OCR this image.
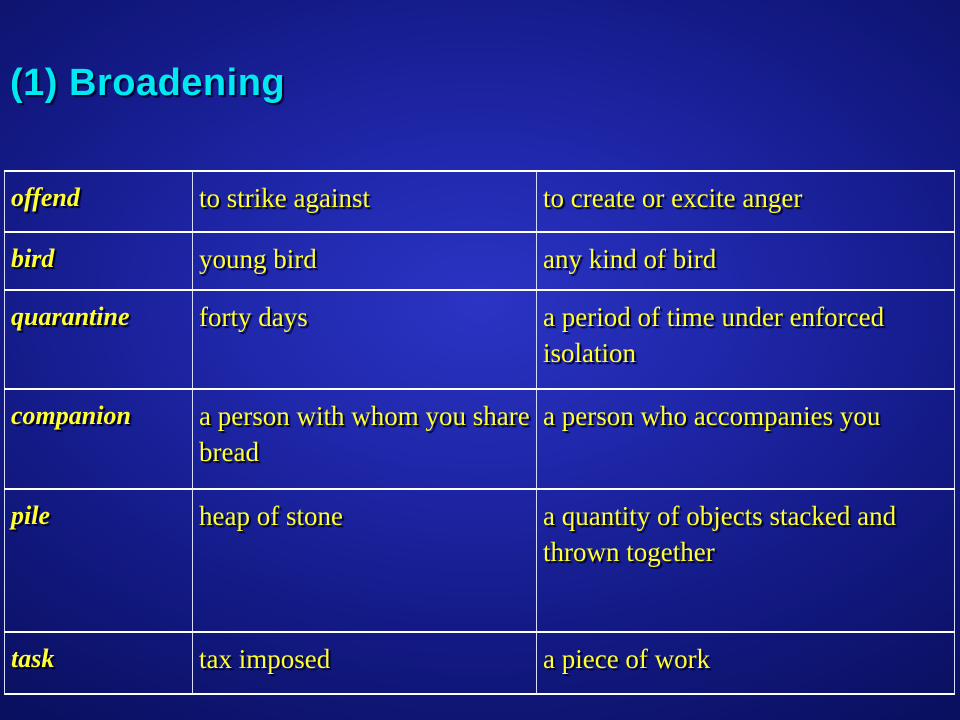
(1) Broadening
offend	to strike against	to create or excite anger
bird	young bird	any kind of bird
quarantine	forty days	a period of time under enforced isolation
companion	a person with whom you share bread	a person who accompanies you
pile	heap of stone	a quantity of objects stacked and thrown together
task	tax imposed	a piece of work
